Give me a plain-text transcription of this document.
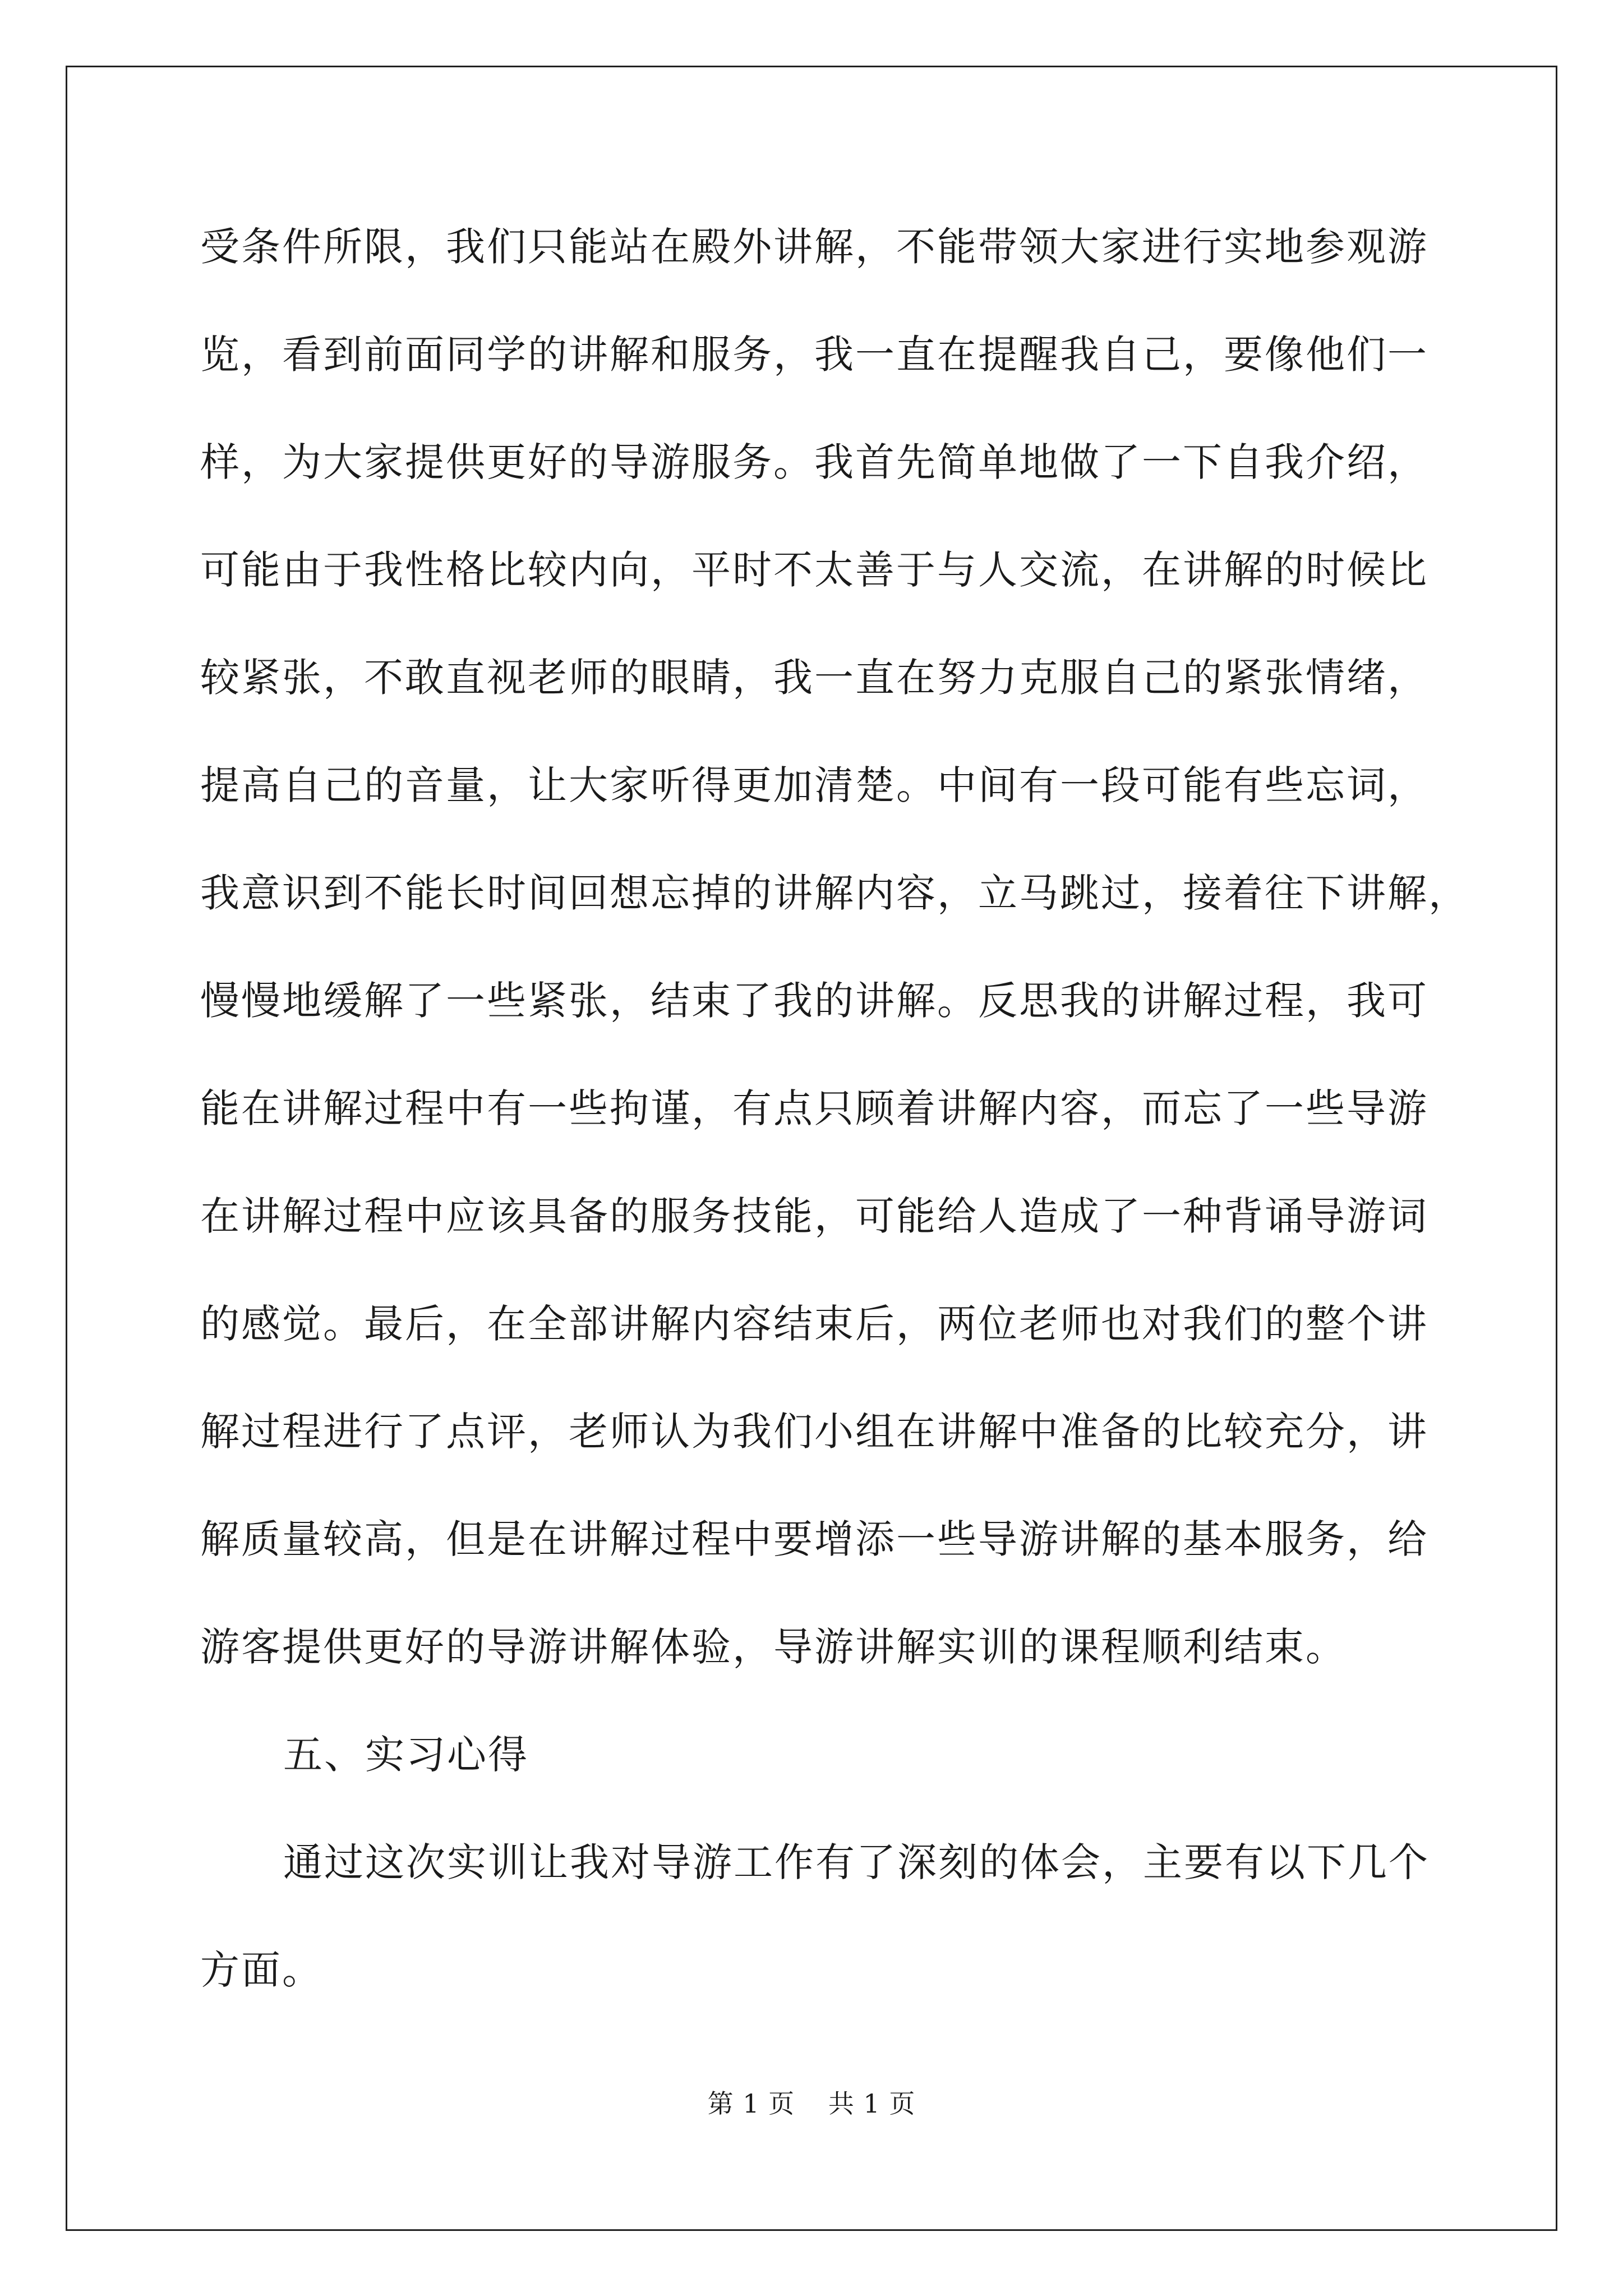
受条件所限，我们只能站在殿外讲解，不能带领大家进行实地参观游
览，看到前面同学的讲解和服务，我一直在提醒我自己，要像他们一
样，为大家提供更好的导游服务。我首先简单地做了一下自我介绍，
可能由于我性格比较内向，平时不太善于与人交流，在讲解的时候比
较紧张，不敢直视老师的眼睛，我一直在努力克服自己的紧张情绪，
提高自己的音量，让大家听得更加清楚。中间有一段可能有些忘词，
我意识到不能长时间回想忘掉的讲解内容，立马跳过，接着往下讲解，
慢慢地缓解了一些紧张，结束了我的讲解。反思我的讲解过程，我可
能在讲解过程中有一些拘谨，有点只顾着讲解内容，而忘了一些导游
在讲解过程中应该具备的服务技能，可能给人造成了一种背诵导游词
的感觉。最后，在全部讲解内容结束后，两位老师也对我们的整个讲
解过程进行了点评，老师认为我们小组在讲解中准备的比较充分，讲
解质量较高，但是在讲解过程中要增添一些导游讲解的基本服务，给
游客提供更好的导游讲解体验，导游讲解实训的课程顺利结束。
五、实习心得
通过这次实训让我对导游工作有了深刻的体会，主要有以下几个
方面。
第 1 页 共 1 页
